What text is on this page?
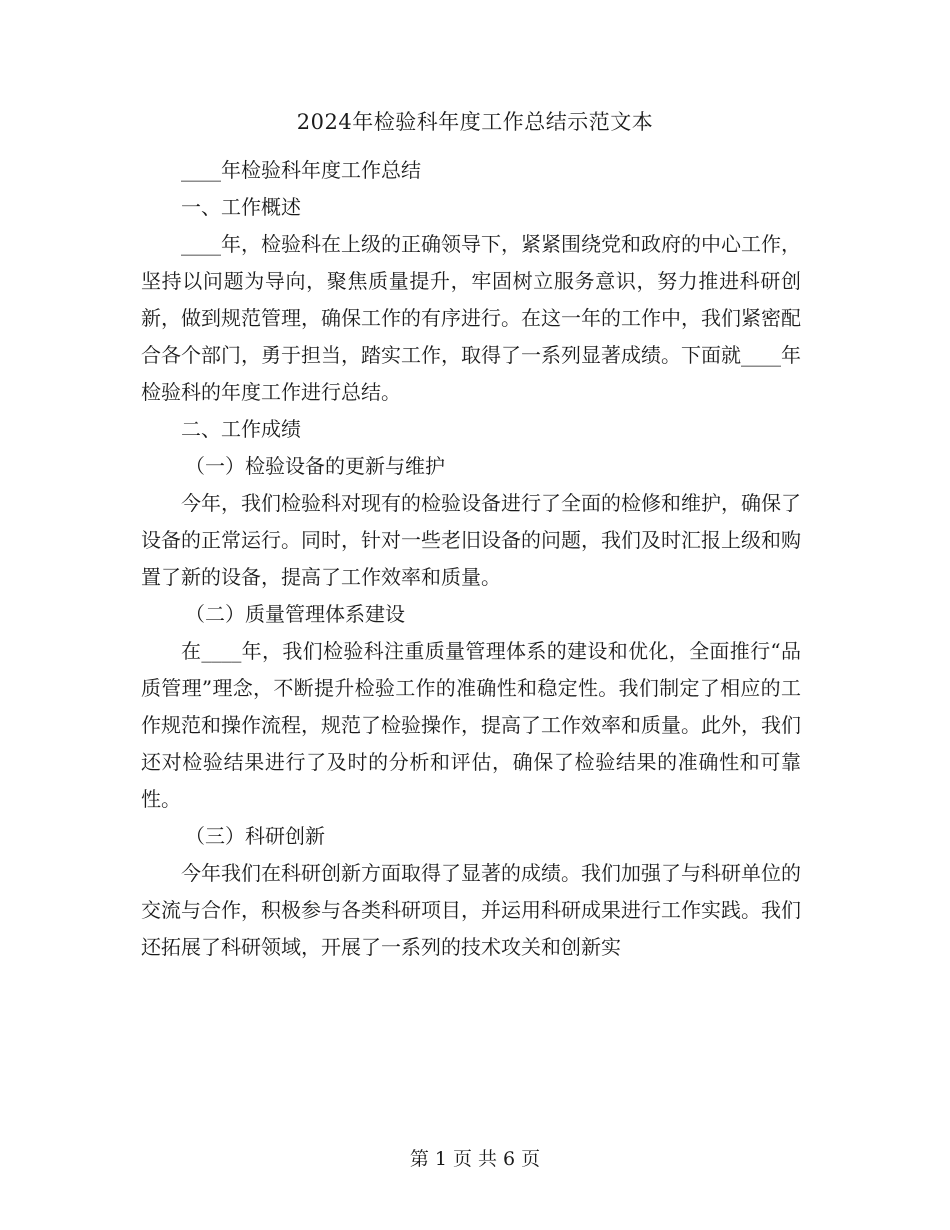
2024年检验科年度工作总结示范文本

____年检验科年度工作总结

一、工作概述

____年，检验科在上级的正确领导下，紧紧围绕党和政府的中心工作，坚持以问题为导向，聚焦质量提升，牢固树立服务意识，努力推进科研创新，做到规范管理，确保工作的有序进行。在这一年的工作中，我们紧密配合各个部门，勇于担当，踏实工作，取得了一系列显著成绩。下面就____年检验科的年度工作进行总结。

二、工作成绩

（一）检验设备的更新与维护

今年，我们检验科对现有的检验设备进行了全面的检修和维护，确保了设备的正常运行。同时，针对一些老旧设备的问题，我们及时汇报上级和购置了新的设备，提高了工作效率和质量。

（二）质量管理体系建设

在____年，我们检验科注重质量管理体系的建设和优化，全面推行“品质管理”理念，不断提升检验工作的准确性和稳定性。我们制定了相应的工作规范和操作流程，规范了检验操作，提高了工作效率和质量。此外，我们还对检验结果进行了及时的分析和评估，确保了检验结果的准确性和可靠性。

（三）科研创新

今年我们在科研创新方面取得了显著的成绩。我们加强了与科研单位的交流与合作，积极参与各类科研项目，并运用科研成果进行工作实践。我们还拓展了科研领域，开展了一系列的技术攻关和创新实

第 1 页 共 6 页
